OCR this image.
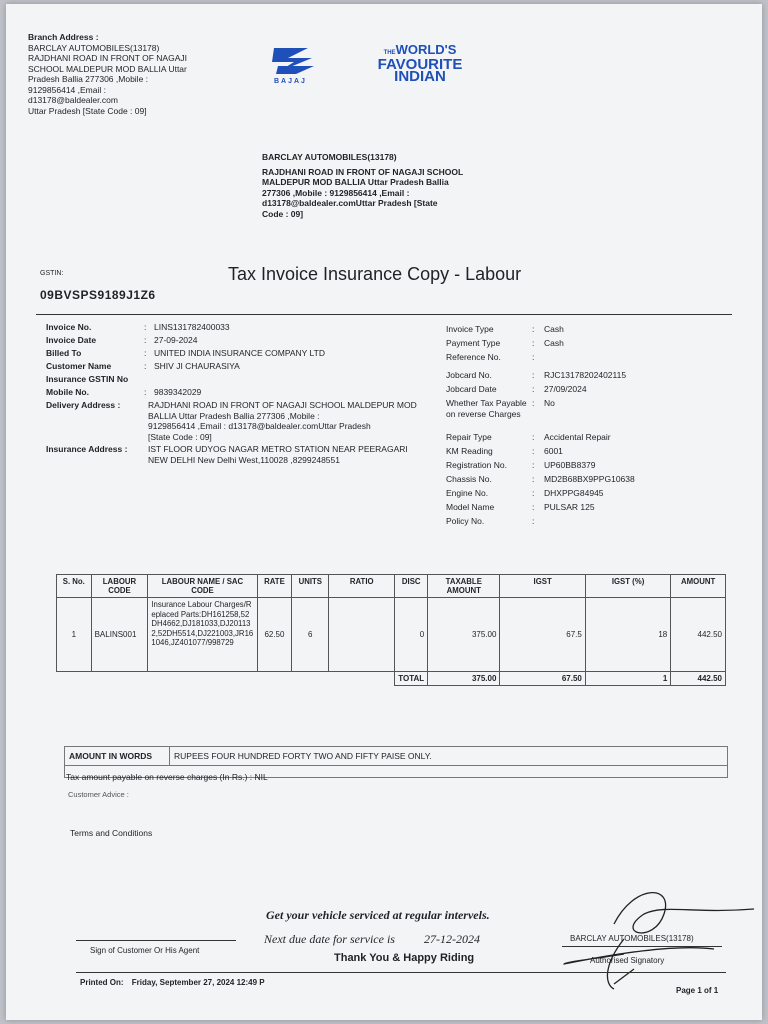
Branch Address :
BARCLAY AUTOMOBILES(13178)
RAJDHANI ROAD IN FRONT OF NAGAJI
SCHOOL MALDEPUR MOD BALLIA Uttar
Pradesh Ballia 277306 ,Mobile :
9129856414 ,Email :
d13178@baldealer.com
Uttar Pradesh [State Code : 09]
BAJAJ
THEWORLD'S
FAVOURITE
INDIAN
BARCLAY AUTOMOBILES(13178)
RAJDHANI ROAD IN FRONT OF NAGAJI SCHOOL
MALDEPUR MOD BALLIA Uttar Pradesh Ballia
277306 ,Mobile : 9129856414 ,Email :
d13178@baldealer.comUttar Pradesh [State
Code : 09]
GSTIN:
09BVSPS9189J1Z6
Tax Invoice Insurance Copy - Labour
Invoice No.	: LINS131782400033
Invoice Date	: 27-09-2024
Billed To	: UNITED INDIA INSURANCE COMPANY LTD
Customer Name	: SHIV JI CHAURASIYA
Insurance GSTIN No
Mobile No.	: 9839342029
Delivery Address :	RAJDHANI ROAD IN FRONT OF NAGAJI SCHOOL MALDEPUR MOD
BALLIA Uttar Pradesh Ballia 277306 ,Mobile :
9129856414 ,Email : d13178@baldealer.comUttar Pradesh
[State Code : 09]
Insurance Address :	IST FLOOR UDYOG NAGAR METRO STATION NEAR PEERAGARI
NEW DELHI New Delhi West,110028 ,8299248551
Invoice Type	:	Cash
Payment Type	:	Cash
Reference No.	:
Jobcard No.	:	RJC13178202402115
Jobcard Date	:	27/09/2024
Whether Tax Payable on reverse Charges
:	No
Repair Type	:	Accidental Repair
KM Reading	:	6001
Registration No.	:	UP60BB8379
Chassis No.	:	MD2B68BX9PPG10638
Engine No.	:	DHXPPG84945
Model Name	:	PULSAR 125
Policy No.	:
S. No.	LABOUR CODE	LABOUR NAME / SAC CODE	RATE	UNITS	RATIO	DISC	TAXABLE AMOUNT	IGST	IGST (%)	AMOUNT
1	BALINS001	Insurance Labour Charges/Replaced Parts:DH161258,52DH4662,DJ181033,DJ201132,52DH5514,DJ221003,JR161046,JZ401077/998729	62.50	6		0	375.00	67.5	18	442.50
						TOTAL	375.00	67.50	1	442.50
AMOUNT IN WORDS	RUPEES FOUR HUNDRED FORTY TWO AND FIFTY PAISE ONLY.
Tax amount payable on reverse charges (In Rs.) : NIL
Customer Advice :
Terms and Conditions
Get your vehicle serviced at regular intervels.
Next due date for service is 27-12-2024
Thank You & Happy Riding
Sign of Customer Or His Agent
BARCLAY AUTOMOBILES(13178)
Authorised Signatory
Printed On: Friday, September 27, 2024 12:49 P
Page 1 of 1
